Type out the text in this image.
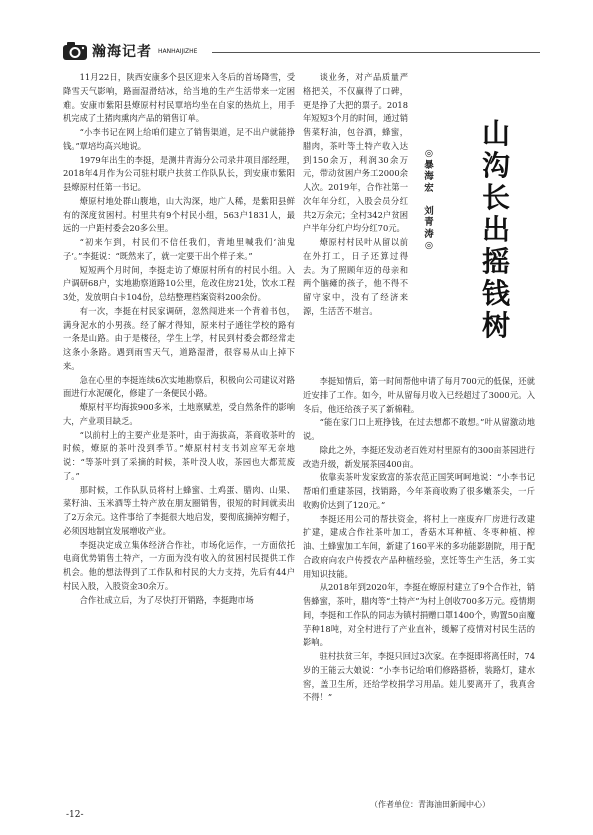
瀚海记者 HANHAIJIZHE
山
沟
长
出
摇
钱
树
◎
暴
海
宏

刘
青
涛
◎

11月22日，陕西安康多个县区迎来入冬后的首场降雪，受降雪天气影响，路面湿滑结冰，给当地的生产生活带来一定困难。安康市紫阳县燎原村村民覃培均坐在自家的热炕上，用手机完成了土猪肉熏肉产品的销售订单。

“小李书记在网上给咱们建立了销售渠道，足不出户就能挣钱。”覃培均高兴地说。

1979年出生的李挺，是测井青海分公司录井项目部经理，2018年4月作为公司驻村联户扶贫工作队队长，到安康市紫阳县燎原村任第一书记。

燎原村地处群山腹地，山大沟深，地广人稀，是紫阳县鲜有的深度贫困村。村里共有9个村民小组，563户1831人，最远的一户距村委会20多公里。

“初来乍到，村民们不信任我们，背地里喊我们‘油鬼子’。”李挺说：“既然来了，就一定要干出个样子来。”

短短两个月时间，李挺走访了燎原村所有的村民小组。入户调研68户，实地勘察道路10公里，危改住房21处，饮水工程3处，发放明白卡104份，总结整理档案资料200余份。

有一次，李挺在村民家调研，忽然闯进来一个背着书包，满身泥水的小男孩。经了解才得知，原来村子通往学校的路有一条是山路。由于是楼径，学生上学，村民到村委会都经常走这条小条路。遇到雨雪天气，道路湿滑，很容易从山上掉下来。

急在心里的李挺连续6次实地勘察后，积极向公司建议对路面进行水泥硬化，修建了一条便民小路。

燎原村平均海拔900多米，土地禀赋差，受自然条件的影响大，产业项目缺乏。

“以前村上的主要产业是茶叶，由于海拔高，茶商收茶叶的时候，燎原的茶叶没到季节。”燎原村村支书刘应军无奈地说：“等茶叶到了采摘的时候，茶叶没人收，茶园也大都荒废了。”

那时候，工作队队员将村上蜂蜜、土鸡蛋、腊肉、山果、菜籽油、玉米酒等土特产放在朋友圈销售，很短的时间就卖出了2万余元。这件事给了李挺很大地启发，要彻底摘掉穷帽子，必须因地制宜发展增收产业。

李挺决定成立集体经济合作社，市场化运作，一方面依托电商优势销售土特产，一方面为没有收入的贫困村民提供工作机会。他的想法得到了工作队和村民的大力支持，先后有44户村民入股，入股资金30余万。

合作社成立后，为了尽快打开销路，李挺跑市场

谈业务，对产品质量严格把关，不仅赢得了口碑，更是挣了大把的票子。2018年短短3个月的时间，通过销售菜籽油，包谷酒，蜂蜜，腊肉，茶叶等土特产收入达到150余万，利润30余万元，带动贫困户务工2000余人次。2019年，合作社第一次年年分红，入股会员分红共2万余元；全村342户贫困户半年分红户均分红70元。

燎原村村民叶从留以前在外打工，日子还算过得去。为了照顾年迈的母亲和两个脑瘫的孩子，他不得不留守家中，没有了经济来源，生活苦不堪言。

李挺知情后，第一时间帮他申请了每月700元的低保，还就近安排了工作。如今，叶从留每月收入已经超过了3000元。入冬后，他还给孩子买了新棉鞋。

“能在家门口上班挣钱，在过去想都不敢想。”叶从留激动地说。

除此之外，李挺还发动老百姓对村里原有的300亩茶园进行改造升级，新发展茶园400亩。

依靠卖茶叶发家致富的茶农范正国笑呵呵地说：“小李书记帮咱们重建茶园，找销路，今年茶商收购了很多嫩茶尖，一斤收购价达到了120元。”

李挺还用公司的帮扶资金，将村上一座废弃厂房进行改建扩建，建成合作社茶叶加工，香菇木耳种植、冬枣种植、榨油、土蜂蜜加工车间，新建了160平米的多功能影剧院，用于配合政府向农户传授农产品种植经验，烹饪等生产生活，务工实用知识技能。

从2018年到2020年，李挺在燎原村建立了9个合作社，销售蜂蜜，茶叶，腊肉等“土特产”为村上创收700多万元。疫情期间，李挺和工作队的同志为镇村捐赠口罩1400个，购置50亩魔芋种18吨，对全村进行了产业直补，缓解了疫情对村民生活的影响。

驻村扶贫三年，李挺只回过3次家。在李挺即将离任时，74岁的王能云大娘说：“小李书记给咱们修路搭桥，装路灯，建水窖，盖卫生所，还给学校捐学习用品。娃儿要离开了，我真舍不得！”

（作者单位：青海油田新闻中心）
-12-
